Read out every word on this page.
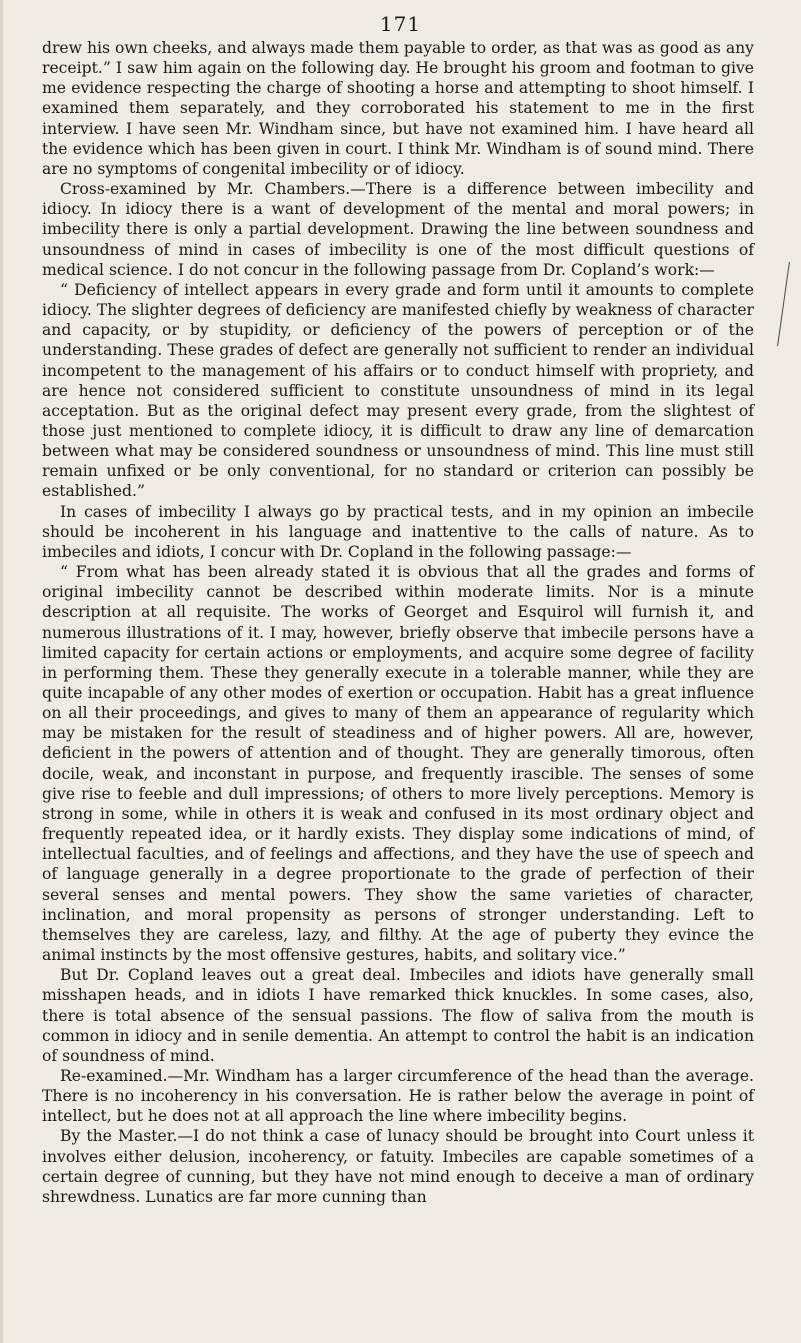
171

drew his own cheeks, and always made them payable to order, as that was as good as any receipt.” I saw him again on the following day. He brought his groom and footman to give me evidence respecting the charge of shooting a horse and attempting to shoot himself. I examined them separately, and they corroborated his statement to me in the first interview. I have seen Mr. Windham since, but have not examined him. I have heard all the evidence which has been given in court. I think Mr. Windham is of sound mind. There are no symptoms of congenital imbecility or of idiocy.

Cross-examined by Mr. Chambers.—There is a difference between imbecility and idiocy. In idiocy there is a want of development of the mental and moral powers; in imbecility there is only a partial development. Drawing the line between soundness and unsoundness of mind in cases of imbecility is one of the most difficult questions of medical science. I do not concur in the following passage from Dr. Copland’s work:—

“ Deficiency of intellect appears in every grade and form until it amounts to complete idiocy. The slighter degrees of deficiency are manifested chiefly by weakness of character and capacity, or by stupidity, or deficiency of the powers of perception or of the understanding. These grades of defect are generally not sufficient to render an individual incompetent to the management of his affairs or to conduct himself with propriety, and are hence not considered sufficient to constitute unsoundness of mind in its legal acceptation. But as the original defect may present every grade, from the slightest of those just mentioned to complete idiocy, it is difficult to draw any line of demarcation between what may be considered soundness or unsoundness of mind. This line must still remain unfixed or be only conventional, for no standard or criterion can possibly be established.”

In cases of imbecility I always go by practical tests, and in my opinion an imbecile should be incoherent in his language and inattentive to the calls of nature. As to imbeciles and idiots, I concur with Dr. Copland in the following passage:—

“ From what has been already stated it is obvious that all the grades and forms of original imbecility cannot be described within moderate limits. Nor is a minute description at all requisite. The works of Georget and Esquirol will furnish it, and numerous illustrations of it. I may, however, briefly observe that imbecile persons have a limited capacity for certain actions or employments, and acquire some degree of facility in performing them. These they generally execute in a tolerable manner, while they are quite incapable of any other modes of exertion or occupation. Habit has a great influence on all their proceedings, and gives to many of them an appearance of regularity which may be mistaken for the result of steadiness and of higher powers. All are, however, deficient in the powers of attention and of thought. They are generally timorous, often docile, weak, and inconstant in purpose, and frequently irascible. The senses of some give rise to feeble and dull impressions; of others to more lively perceptions. Memory is strong in some, while in others it is weak and confused in its most ordinary object and frequently repeated idea, or it hardly exists. They display some indications of mind, of intellectual faculties, and of feelings and affections, and they have the use of speech and of language generally in a degree proportionate to the grade of perfection of their several senses and mental powers. They show the same varieties of character, inclination, and moral propensity as persons of stronger understanding. Left to themselves they are careless, lazy, and filthy. At the age of puberty they evince the animal instincts by the most offensive gestures, habits, and solitary vice.”

But Dr. Copland leaves out a great deal. Imbeciles and idiots have generally small misshapen heads, and in idiots I have remarked thick knuckles. In some cases, also, there is total absence of the sensual passions. The flow of saliva from the mouth is common in idiocy and in senile dementia. An attempt to control the habit is an indication of soundness of mind.

Re-examined.—Mr. Windham has a larger circumference of the head than the average. There is no incoherency in his conversation. He is rather below the average in point of intellect, but he does not at all approach the line where imbecility begins.

By the Master.—I do not think a case of lunacy should be brought into Court unless it involves either delusion, incoherency, or fatuity. Imbeciles are capable sometimes of a certain degree of cunning, but they have not mind enough to deceive a man of ordinary shrewdness. Lunatics are far more cunning than
